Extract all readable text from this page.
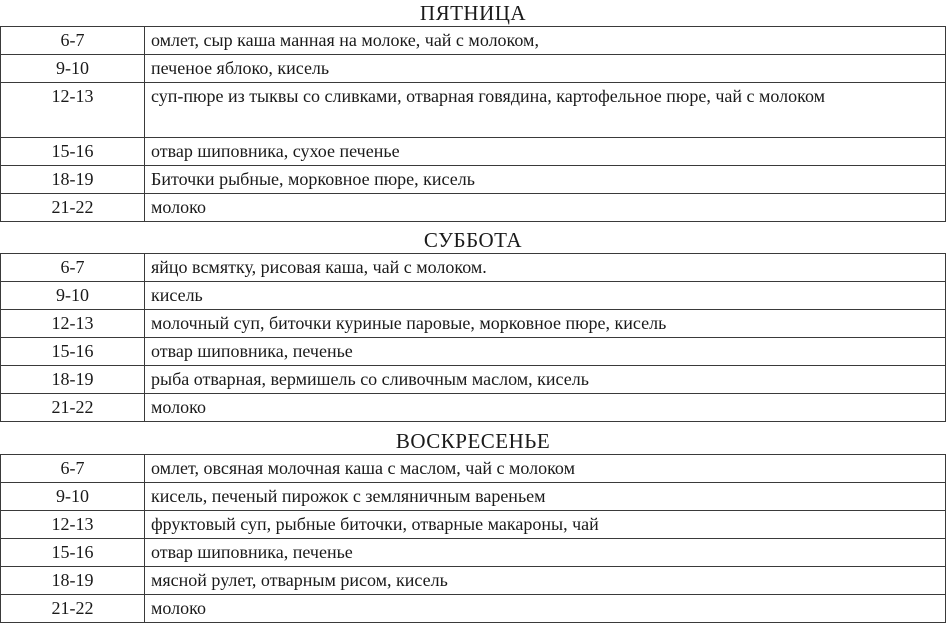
ПЯТНИЦА
6-7	омлет, сыр каша манная на молоке, чай с молоком,
9-10	печеное яблоко, кисель
12-13	суп-пюре из тыквы со сливками, отварная говядина, картофельное пюре, чай с молоком
15-16	отвар шиповника, сухое печенье
18-19	Биточки рыбные, морковное пюре, кисель
21-22	молоко
СУББОТА
6-7	яйцо всмятку, рисовая каша, чай с молоком.
9-10	кисель
12-13	молочный суп, биточки куриные паровые, морковное пюре, кисель
15-16	отвар шиповника, печенье
18-19	рыба отварная, вермишель со сливочным маслом, кисель
21-22	молоко
ВОСКРЕСЕНЬЕ
6-7	омлет, овсяная молочная каша с маслом, чай с молоком
9-10	кисель, печеный пирожок с земляничным вареньем
12-13	фруктовый суп, рыбные биточки, отварные макароны, чай
15-16	отвар шиповника, печенье
18-19	мясной рулет, отварным рисом, кисель
21-22	молоко
